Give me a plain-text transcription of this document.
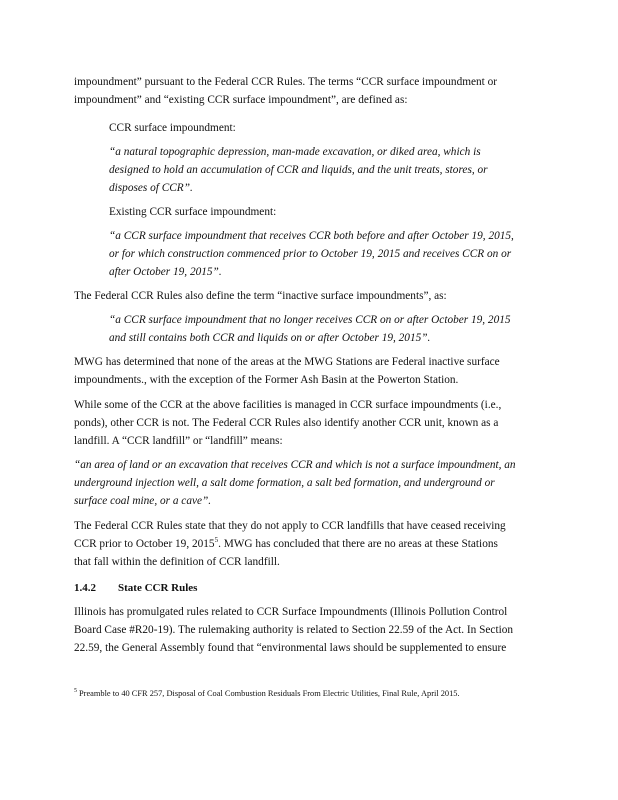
impoundment” pursuant to the Federal CCR Rules. The terms “CCR surface impoundment or
impoundment” and “existing CCR surface impoundment”, are defined as:
CCR surface impoundment:
“a natural topographic depression, man-made excavation, or diked area, which is
designed to hold an accumulation of CCR and liquids, and the unit treats, stores, or
disposes of CCR”.
Existing CCR surface impoundment:
“a CCR surface impoundment that receives CCR both before and after October 19, 2015,
or for which construction commenced prior to October 19, 2015 and receives CCR on or
after October 19, 2015”.
The Federal CCR Rules also define the term “inactive surface impoundments”, as:
“a CCR surface impoundment that no longer receives CCR on or after October 19, 2015
and still contains both CCR and liquids on or after October 19, 2015”.
MWG has determined that none of the areas at the MWG Stations are Federal inactive surface
impoundments., with the exception of the Former Ash Basin at the Powerton Station.
While some of the CCR at the above facilities is managed in CCR surface impoundments (i.e.,
ponds), other CCR is not. The Federal CCR Rules also identify another CCR unit, known as a
landfill. A “CCR landfill” or “landfill” means:
“an area of land or an excavation that receives CCR and which is not a surface impoundment, an
underground injection well, a salt dome formation, a salt bed formation, and underground or
surface coal mine, or a cave”.
The Federal CCR Rules state that they do not apply to CCR landfills that have ceased receiving
CCR prior to October 19, 2015$^5$. MWG has concluded that there are no areas at these Stations
that fall within the definition of CCR landfill.
1.4.2 State CCR Rules
Illinois has promulgated rules related to CCR Surface Impoundments (Illinois Pollution Control
Board Case #R20-19). The rulemaking authority is related to Section 22.59 of the Act. In Section
22.59, the General Assembly found that “environmental laws should be supplemented to ensure
$^5$ Preamble to 40 CFR 257, Disposal of Coal Combustion Residuals From Electric Utilities, Final Rule, April 2015.
